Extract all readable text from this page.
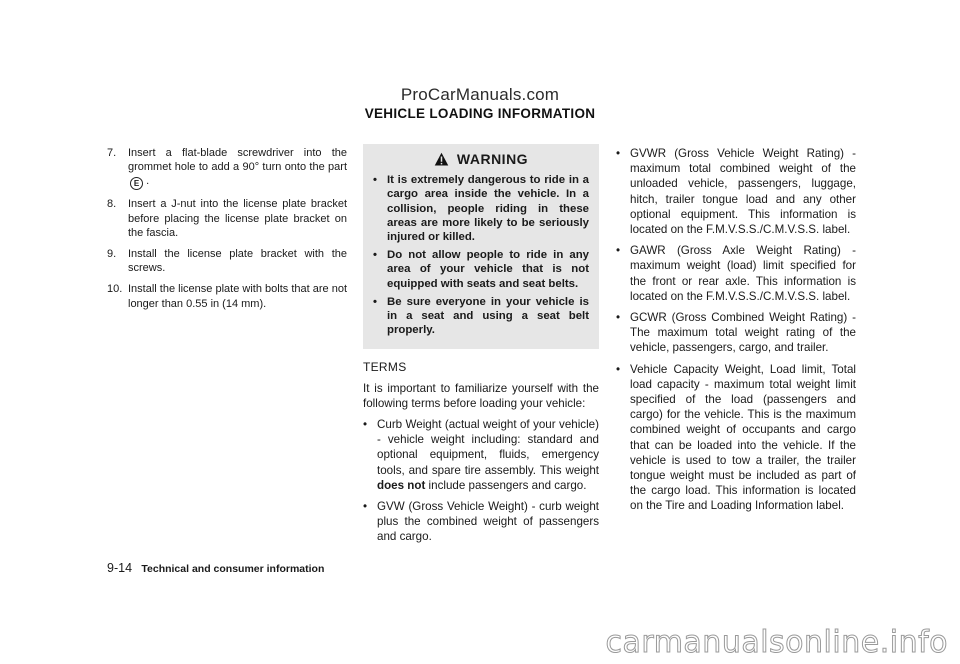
ProCarManuals.com
VEHICLE LOADING INFORMATION
7.	Insert a flat-blade screwdriver into the grommet hole to add a 90° turn onto the part E .
8.	Insert a J-nut into the license plate bracket before placing the license plate bracket on the fascia.
9.	Install the license plate bracket with the screws.
10. Install the license plate with bolts that are not longer than 0.55 in (14 mm).
WARNING
• It is extremely dangerous to ride in a cargo area inside the vehicle. In a collision, people riding in these areas are more likely to be seriously injured or killed.
• Do not allow people to ride in any area of your vehicle that is not equipped with seats and seat belts.
• Be sure everyone in your vehicle is in a seat and using a seat belt properly.
TERMS
It is important to familiarize yourself with the following terms before loading your vehicle:
• Curb Weight (actual weight of your vehicle) - vehicle weight including: standard and optional equipment, fluids, emergency tools, and spare tire assembly. This weight does not include passengers and cargo.
• GVW (Gross Vehicle Weight) - curb weight plus the combined weight of passengers and cargo.
• GVWR (Gross Vehicle Weight Rating) - maximum total combined weight of the unloaded vehicle, passengers, luggage, hitch, trailer tongue load and any other optional equipment. This information is located on the F.M.V.S.S./C.M.V.S.S. label.
• GAWR (Gross Axle Weight Rating) - maximum weight (load) limit specified for the front or rear axle. This information is located on the F.M.V.S.S./C.M.V.S.S. label.
• GCWR (Gross Combined Weight Rating) - The maximum total weight rating of the vehicle, passengers, cargo, and trailer.
• Vehicle Capacity Weight, Load limit, Total load capacity - maximum total weight limit specified of the load (passengers and cargo) for the vehicle. This is the maximum combined weight of occupants and cargo that can be loaded into the vehicle. If the vehicle is used to tow a trailer, the trailer tongue weight must be included as part of the cargo load. This information is located on the Tire and Loading Information label.
9-14 Technical and consumer information
carmanualsonline.info
